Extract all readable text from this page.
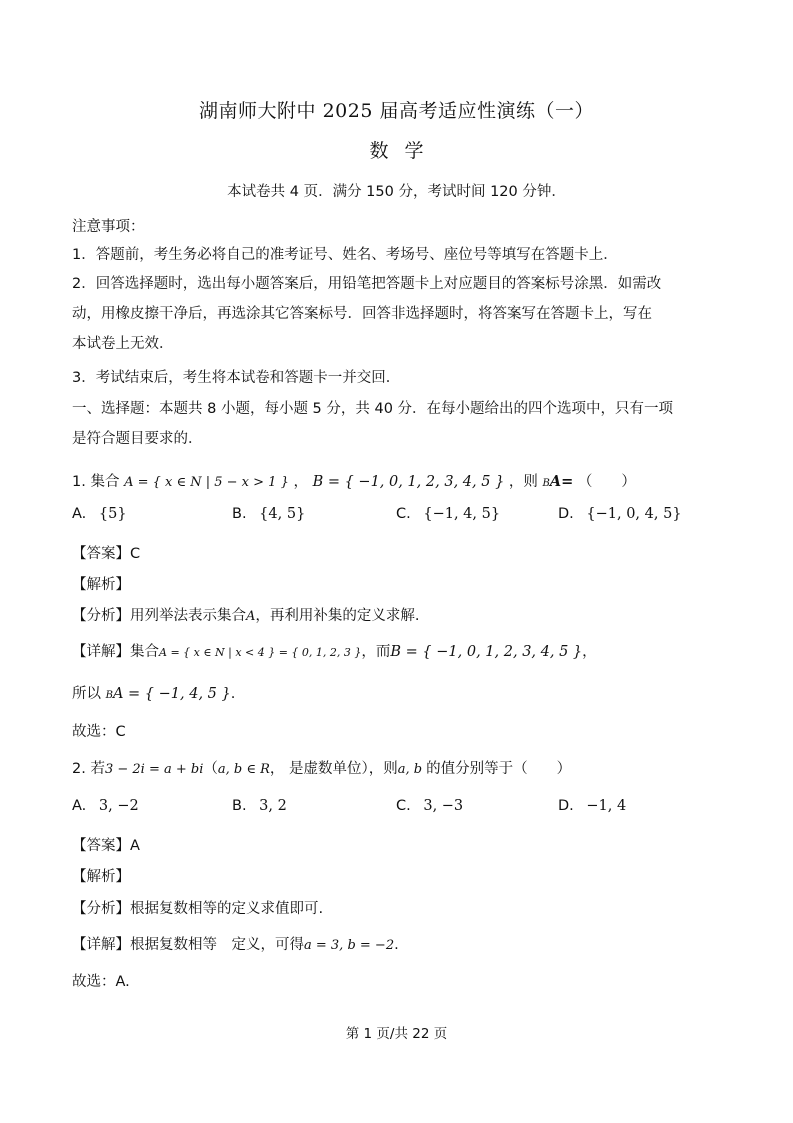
湖南师大附中 2025 届高考适应性演练（一）
数 学
本试卷共 4 页．满分 150 分，考试时间 120 分钟．
注意事项：
1．答题前，考生务必将自己的准考证号、姓名、考场号、座位号等填写在答题卡上．
2．回答选择题时，选出每小题答案后，用铅笔把答题卡上对应题目的答案标号涂黑．如需改
动，用橡皮擦干净后，再选涂其它答案标号．回答非选择题时，将答案写在答题卡上，写在
本试卷上无效．
3．考试结束后，考生将本试卷和答题卡一并交回．
一、选择题：本题共 8 小题，每小题 5 分，共 40 分．在每小题给出的四个选项中，只有一项
是符合题目要求的．
1. 集合 A = { x ∈ N | 5 − x > 1 } ， B = { −1, 0, 1, 2, 3, 4, 5 } ，则 BA= （　　）
A. {5}	B. {4, 5}	C. {−1, 4, 5}	D. {−1, 0, 4, 5}
【答案】C
【解析】
【分析】用列举法表示集合A，再利用补集的定义求解.
【详解】集合A = { x ∈ N | x < 4 } = { 0, 1, 2, 3 }，而B = { −1, 0, 1, 2, 3, 4, 5 }，
所以 BA = { −1, 4, 5 }.
故选：C
2. 若3 − 2i = a + bi（a, b ∈ R， 是虚数单位），则a, b 的值分别等于（　　）
A. 3, −2	B. 3, 2	C. 3, −3	D. −1, 4
【答案】A
【解析】
【分析】根据复数相等的定义求值即可.
【详解】根据复数相等　定义，可得a = 3, b = −2.
故选：A.
第 1 页/共 22 页
